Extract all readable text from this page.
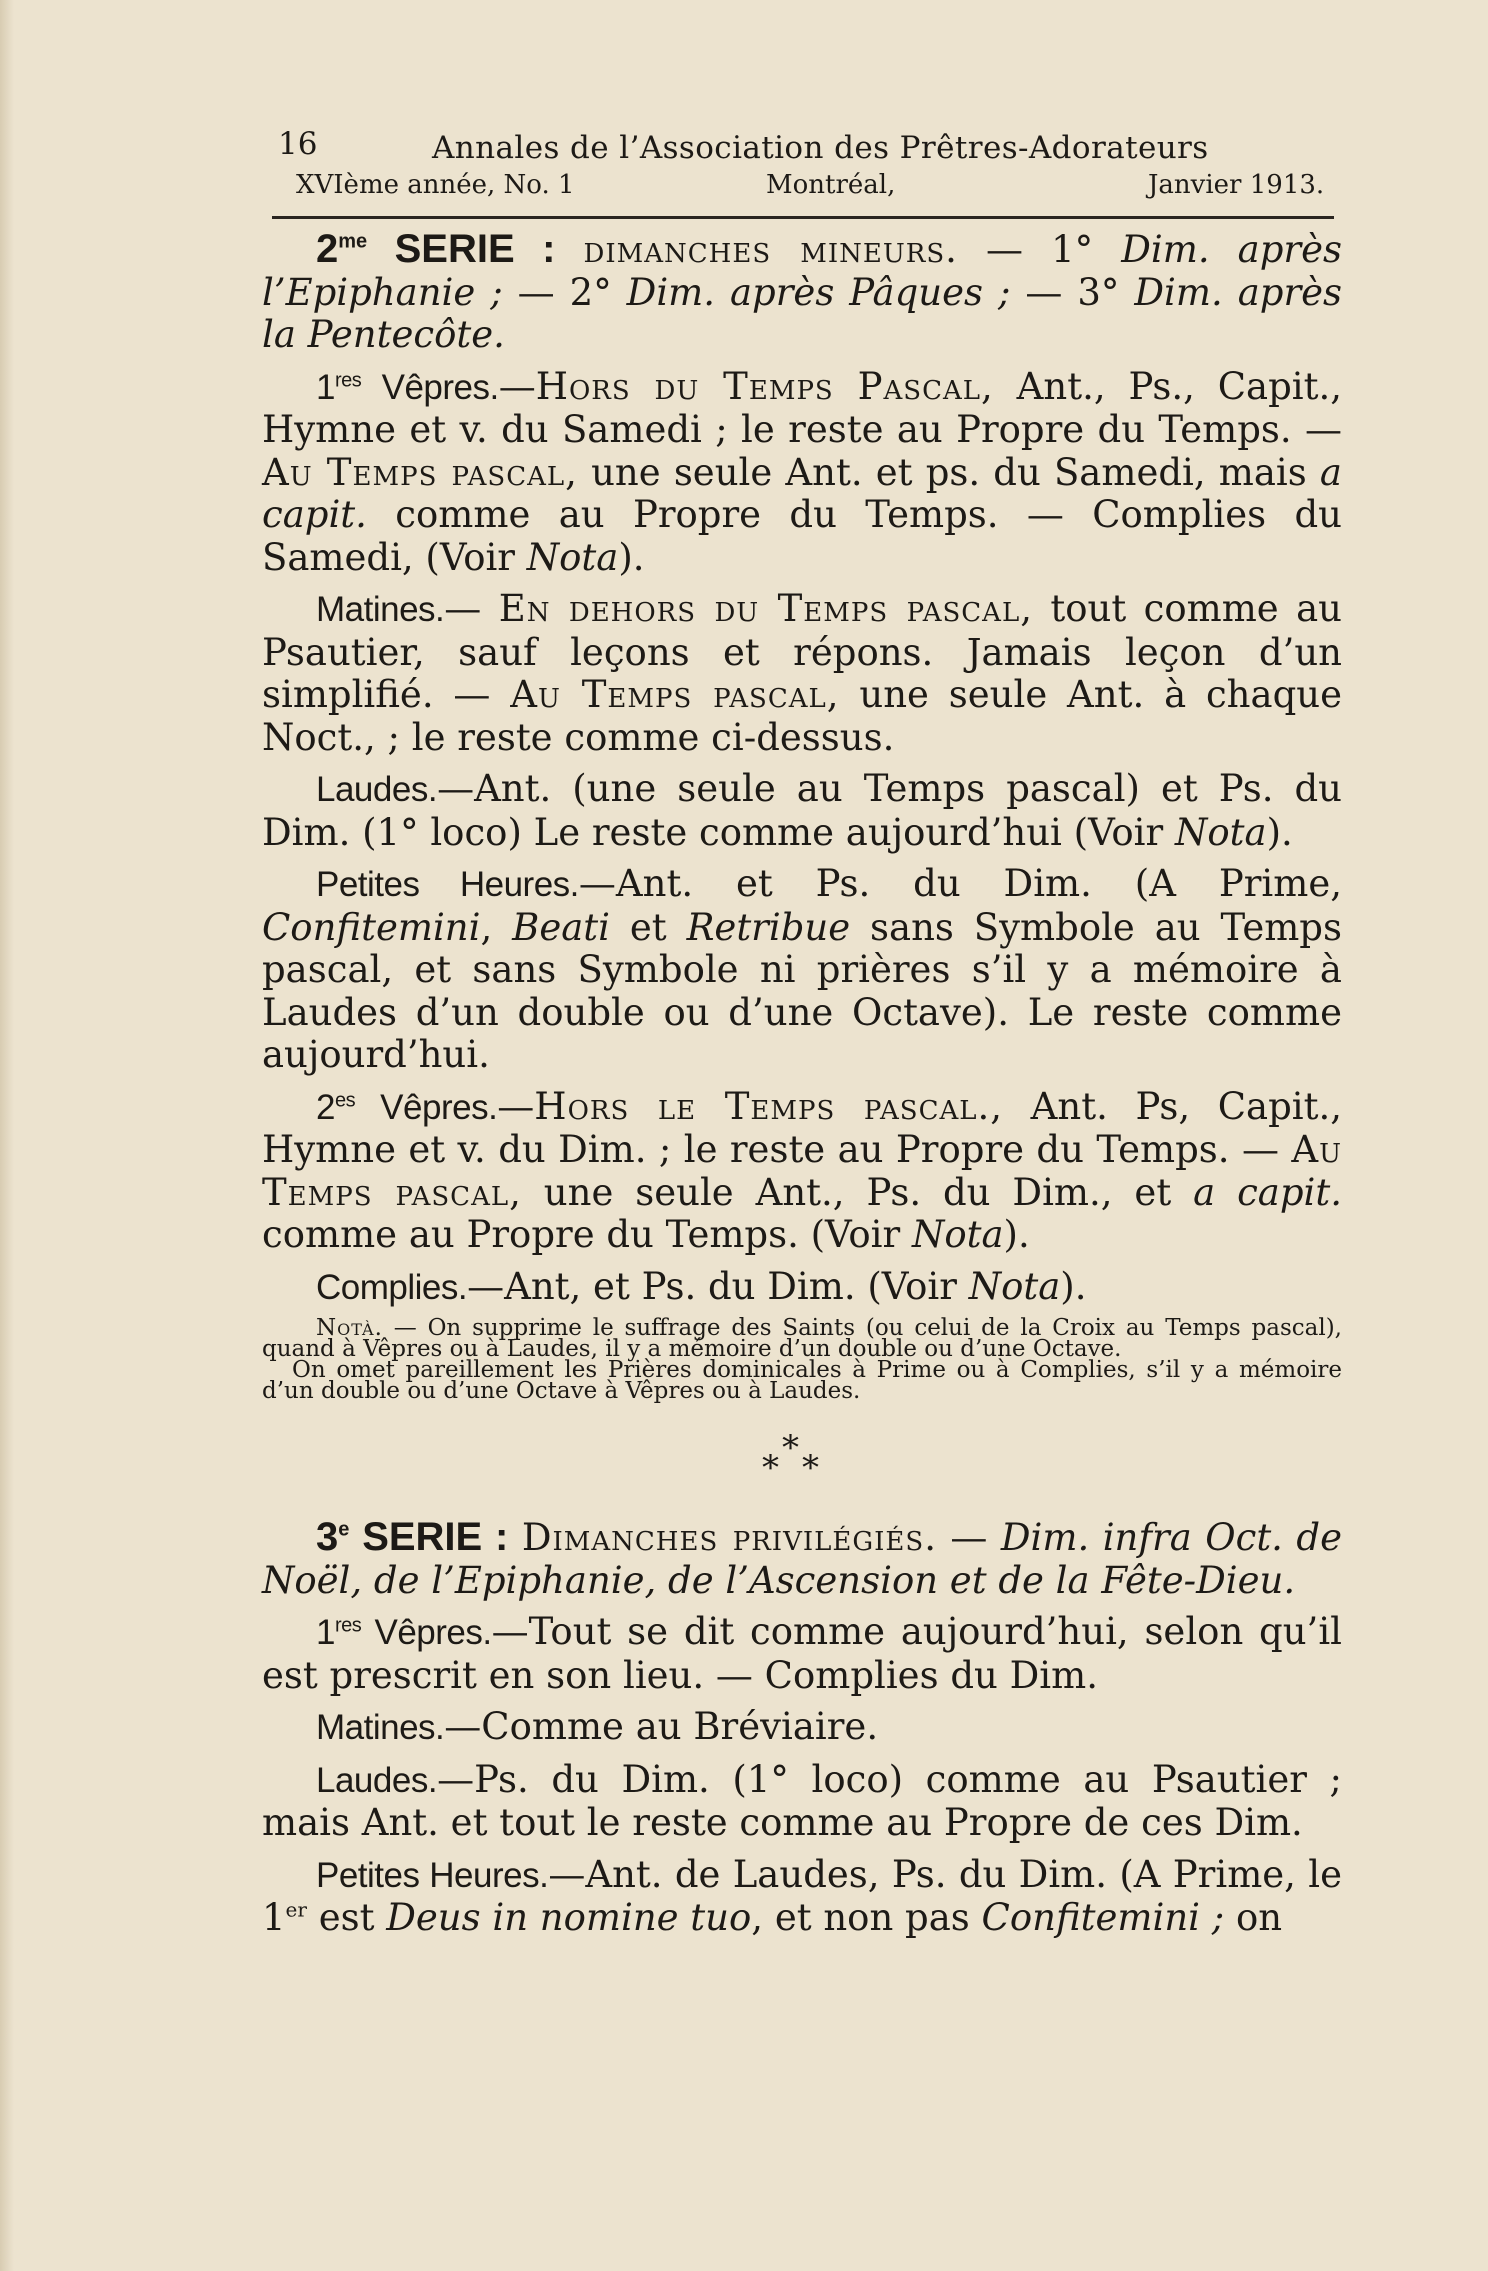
16	Annales de l’Association des Prêtres-Adorateurs
XVIème année, No. 1	Montréal,	Janvier 1913.

$2^{me}$ SERIE : dimanches mineurs. — 1° Dim. après l’Epiphanie ; — 2° Dim. après Pâques ; — 3° Dim. après la Pentecôte.

1res Vêpres.—Hors du Temps Pascal, Ant., Ps., Capit., Hymne et v. du Samedi ; le reste au Propre du Temps. — Au Temps pascal, une seule Ant. et ps. du Samedi, mais a capit. comme au Propre du Temps. — Complies du Samedi, (Voir Nota).

Matines.— En dehors du Temps pascal, tout comme au Psautier, sauf leçons et répons. Jamais leçon d’un simplifié. — Au Temps pascal, une seule Ant. à chaque Noct., ; le reste comme ci-dessus.

Laudes.—Ant. (une seule au Temps pascal) et Ps. du Dim. (1° loco) Le reste comme aujourd’hui (Voir Nota).

Petites Heures.—Ant. et Ps. du Dim. (A Prime, Confitemini, Beati et Retribue sans Symbole au Temps pascal, et sans Symbole ni prières s’il y a mémoire à Laudes d’un double ou d’une Octave). Le reste comme aujourd’hui.

$2^{es}$ Vêpres.—Hors le Temps pascal., Ant. Ps, Capit., Hymne et v. du Dim. ; le reste au Propre du Temps. — Au Temps pascal, une seule Ant., Ps. du Dim., et a capit. comme au Propre du Temps. (Voir Nota).

Complies.—Ant, et Ps. du Dim. (Voir Nota).

Notà. — On supprime le suffrage des Saints (ou celui de la Croix au Temps pascal), quand à Vêpres ou à Laudes, il y a mémoire d’un double ou d’une Octave.
On omet pareillement les Prières dominicales à Prime ou à Complies, s’il y a mémoire d’un double ou d’une Octave à Vêpres ou à Laudes.

*
* *

3e SERIE : Dimanches privilégiés. — Dim. infra Oct. de Noël, de l’Epiphanie, de l’Ascension et de la Fête-Dieu.

1res Vêpres.—Tout se dit comme aujourd’hui, selon qu’il est prescrit en son lieu. — Complies du Dim.

Matines.—Comme au Bréviaire.

Laudes.—Ps. du Dim. (1° loco) comme au Psautier ; mais Ant. et tout le reste comme au Propre de ces Dim.

Petites Heures.—Ant. de Laudes, Ps. du Dim. (A Prime, le 1er est Deus in nomine tuo, et non pas Confitemini ; on
